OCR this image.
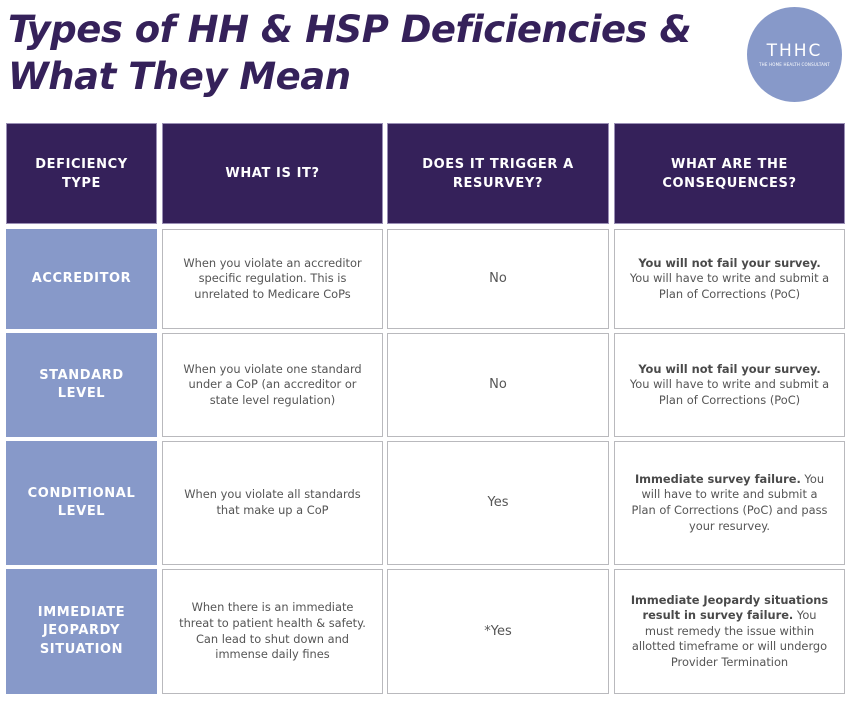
Types of HH & HSP Deficiencies &
What They Mean
THHC
THE HOME HEALTH CONSULTANT
DEFICIENCY
TYPE
WHAT IS IT?
DOES IT TRIGGER A
RESURVEY?
WHAT ARE THE
CONSEQUENCES?
ACCREDITOR
When you violate an accreditor specific regulation. This is unrelated to Medicare CoPs
No
You will not fail your survey. You will have to write and submit a Plan of Corrections (PoC)
STANDARD
LEVEL
When you violate one standard under a CoP (an accreditor or state level regulation)
No
You will not fail your survey. You will have to write and submit a Plan of Corrections (PoC)
CONDITIONAL
LEVEL
When you violate all standards that make up a CoP	Yes
Immediate survey failure. You will have to write and submit a Plan of Corrections (PoC) and pass your resurvey.
IMMEDIATE
JEOPARDY
SITUATION
When there is an immediate threat to patient health & safety. Can lead to shut down and immense daily fines
*Yes
Immediate Jeopardy situations result in survey failure. You must remedy the issue within allotted timeframe or will undergo Provider Termination
